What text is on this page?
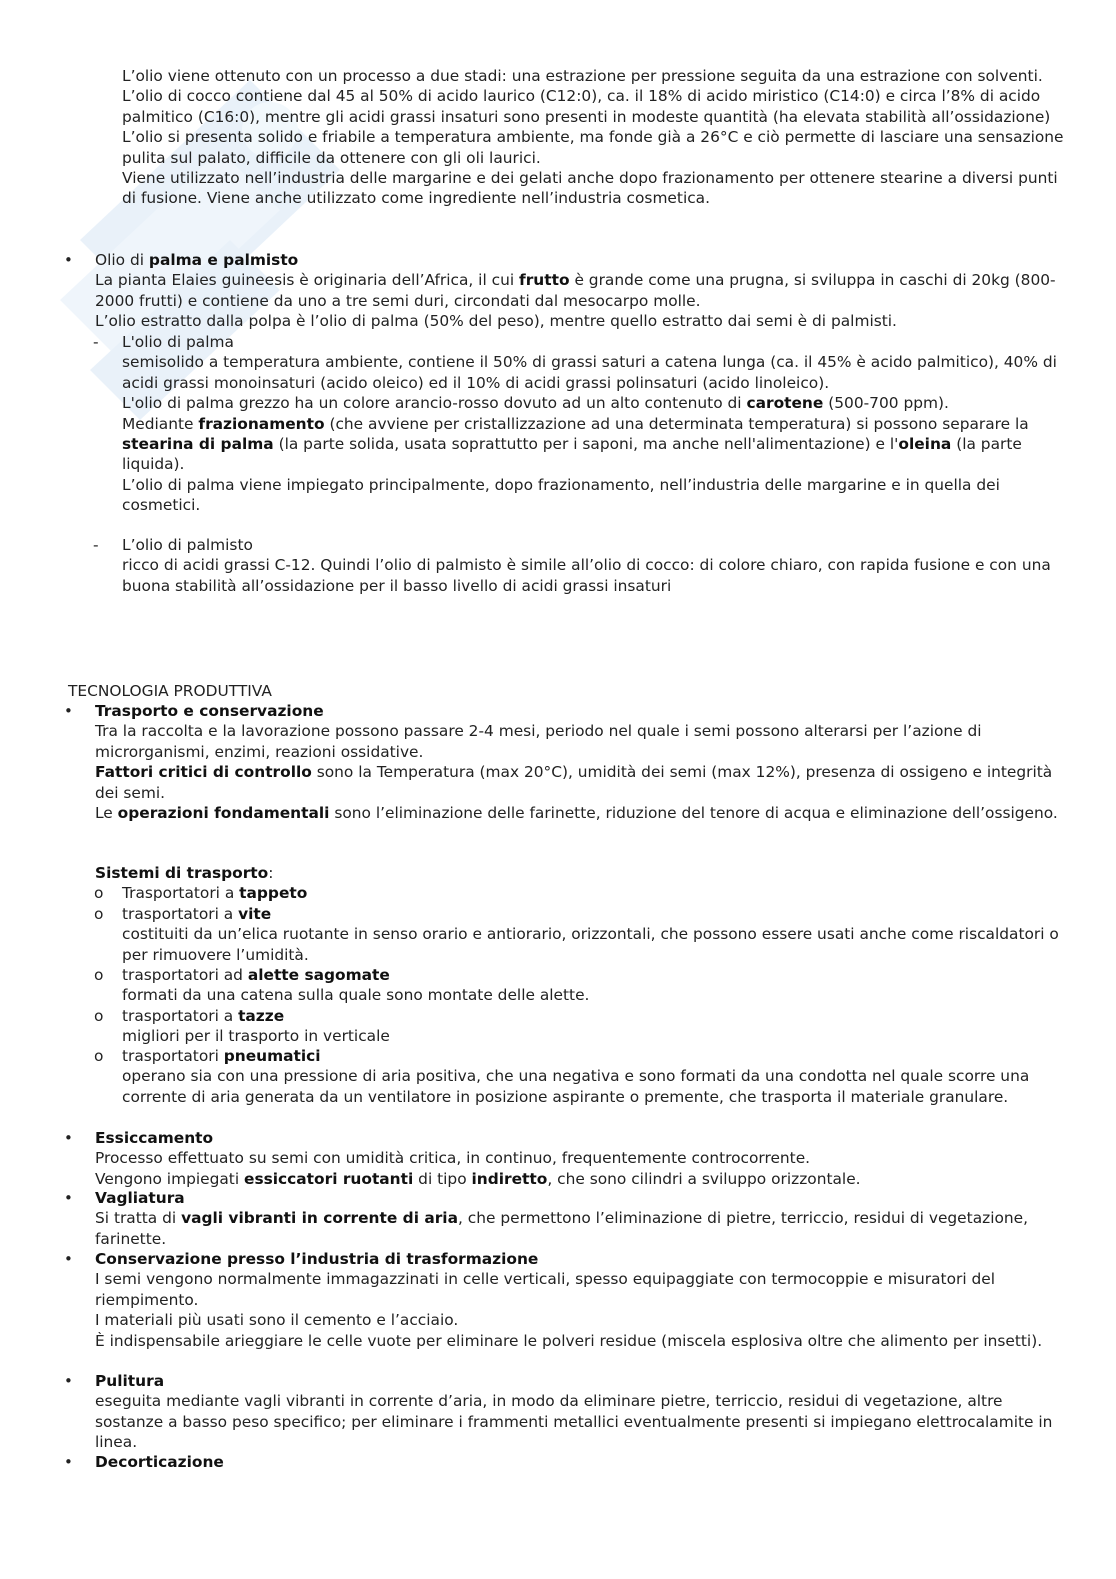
L’olio viene ottenuto con un processo a due stadi: una estrazione per pressione seguita da una estrazione con solventi.

L’olio di cocco contiene dal 45 al 50% di acido laurico (C12:0), ca. il 18% di acido miristico (C14:0) e circa l’8% di acido palmitico (C16:0), mentre gli acidi grassi insaturi sono presenti in modeste quantità (ha elevata stabilità all’ossidazione)

L’olio si presenta solido e friabile a temperatura ambiente, ma fonde già a 26°C e ciò permette di lasciare una sensazione pulita sul palato, difficile da ottenere con gli oli laurici.

Viene utilizzato nell’industria delle margarine e dei gelati anche dopo frazionamento per ottenere stearine a diversi punti di fusione. Viene anche utilizzato come ingrediente nell’industria cosmetica.

•	Olio di palma e palmisto

La pianta Elaies guineesis è originaria dell’Africa, il cui frutto è grande come una prugna, si sviluppa in caschi di 20kg (800-2000 frutti) e contiene da uno a tre semi duri, circondati dal mesocarpo molle.

L’olio estratto dalla polpa è l’olio di palma (50% del peso), mentre quello estratto dai semi è di palmisti.

- L'olio di palma

semisolido a temperatura ambiente, contiene il 50% di grassi saturi a catena lunga (ca. il 45% è acido palmitico), 40% di acidi grassi monoinsaturi (acido oleico) ed il 10% di acidi grassi polinsaturi (acido linoleico).

L'olio di palma grezzo ha un colore arancio-rosso dovuto ad un alto contenuto di carotene (500-700 ppm).

Mediante frazionamento (che avviene per cristallizzazione ad una determinata temperatura) si possono separare la stearina di palma (la parte solida, usata soprattutto per i saponi, ma anche nell'alimentazione) e l'oleina (la parte liquida).

L’olio di palma viene impiegato principalmente, dopo frazionamento, nell’industria delle margarine e in quella dei cosmetici.

- L’olio di palmisto

ricco di acidi grassi C-12. Quindi l’olio di palmisto è simile all’olio di cocco: di colore chiaro, con rapida fusione e con una buona stabilità all’ossidazione per il basso livello di acidi grassi insaturi

TECNOLOGIA PRODUTTIVA

•	Trasporto e conservazione

Tra la raccolta e la lavorazione possono passare 2-4 mesi, periodo nel quale i semi possono alterarsi per l’azione di microrganismi, enzimi, reazioni ossidative.

Fattori critici di controllo sono la Temperatura (max 20°C), umidità dei semi (max 12%), presenza di ossigeno e integrità dei semi.

Le operazioni fondamentali sono l’eliminazione delle farinette, riduzione del tenore di acqua e eliminazione dell’ossigeno.

Sistemi di trasporto:

o Trasportatori a tappeto

o trasportatori a vite

costituiti da un’elica ruotante in senso orario e antiorario, orizzontali, che possono essere usati anche come riscaldatori o per rimuovere l’umidità.

o trasportatori ad alette sagomate

formati da una catena sulla quale sono montate delle alette.

o trasportatori a tazze

migliori per il trasporto in verticale

o trasportatori pneumatici

operano sia con una pressione di aria positiva, che una negativa e sono formati da una condotta nel quale scorre una corrente di aria generata da un ventilatore in posizione aspirante o premente, che trasporta il materiale granulare.

•	Essiccamento

Processo effettuato su semi con umidità critica, in continuo, frequentemente controcorrente.

Vengono impiegati essiccatori ruotanti di tipo indiretto, che sono cilindri a sviluppo orizzontale.

•	Vagliatura

Si tratta di vagli vibranti in corrente di aria, che permettono l’eliminazione di pietre, terriccio, residui di vegetazione, farinette.

•	Conservazione presso l’industria di trasformazione

I semi vengono normalmente immagazzinati in celle verticali, spesso equipaggiate con termocoppie e misuratori del riempimento.

I materiali più usati sono il cemento e l’acciaio.

È indispensabile arieggiare le celle vuote per eliminare le polveri residue (miscela esplosiva oltre che alimento per insetti).

•	Pulitura

eseguita mediante vagli vibranti in corrente d’aria, in modo da eliminare pietre, terriccio, residui di vegetazione, altre sostanze a basso peso specifico; per eliminare i frammenti metallici eventualmente presenti si impiegano elettrocalamite in linea.

•	Decorticazione
